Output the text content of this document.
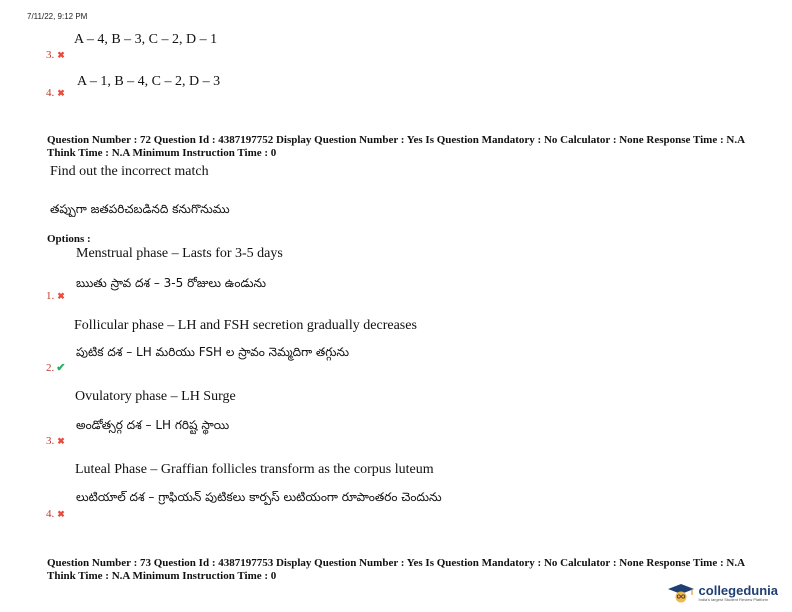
7/11/22, 9:12 PM
3. ✖
A – 4, B – 3, C – 2, D – 1
4. ✖
A – 1, B – 4, C – 2, D – 3
Question Number : 72 Question Id : 4387197752 Display Question Number : Yes Is Question Mandatory : No Calculator : None Response Time : N.A Think Time : N.A Minimum Instruction Time : 0
Find out the incorrect match
తప్పుగా జతపరిచబడినది కనుగొనుము
Options :
Menstrual phase – Lasts for 3-5 days
ఋతు స్రావ దశ – 3-5 రోజులు ఉండును
1. ✖
Follicular phase – LH and FSH secretion gradually decreases
పుటిక దశ – LH మరియు FSH ల స్రావం నెమ్మదిగా తగ్గును
2. ✔
Ovulatory phase – LH Surge
అండోత్సర్గ దశ – LH గరిష్ట స్థాయి
3. ✖
Luteal Phase – Graffian follicles transform as the corpus luteum
లుటియాల్ దశ – గ్రాఫియన్ పుటికలు కార్పస్ లుటియంగా రూపాంతరం చెందును
4. ✖
Question Number : 73 Question Id : 4387197753 Display Question Number : Yes Is Question Mandatory : No Calculator : None Response Time : N.A Think Time : N.A Minimum Instruction Time : 0
collegedunia
India's largest Student Review Platform
